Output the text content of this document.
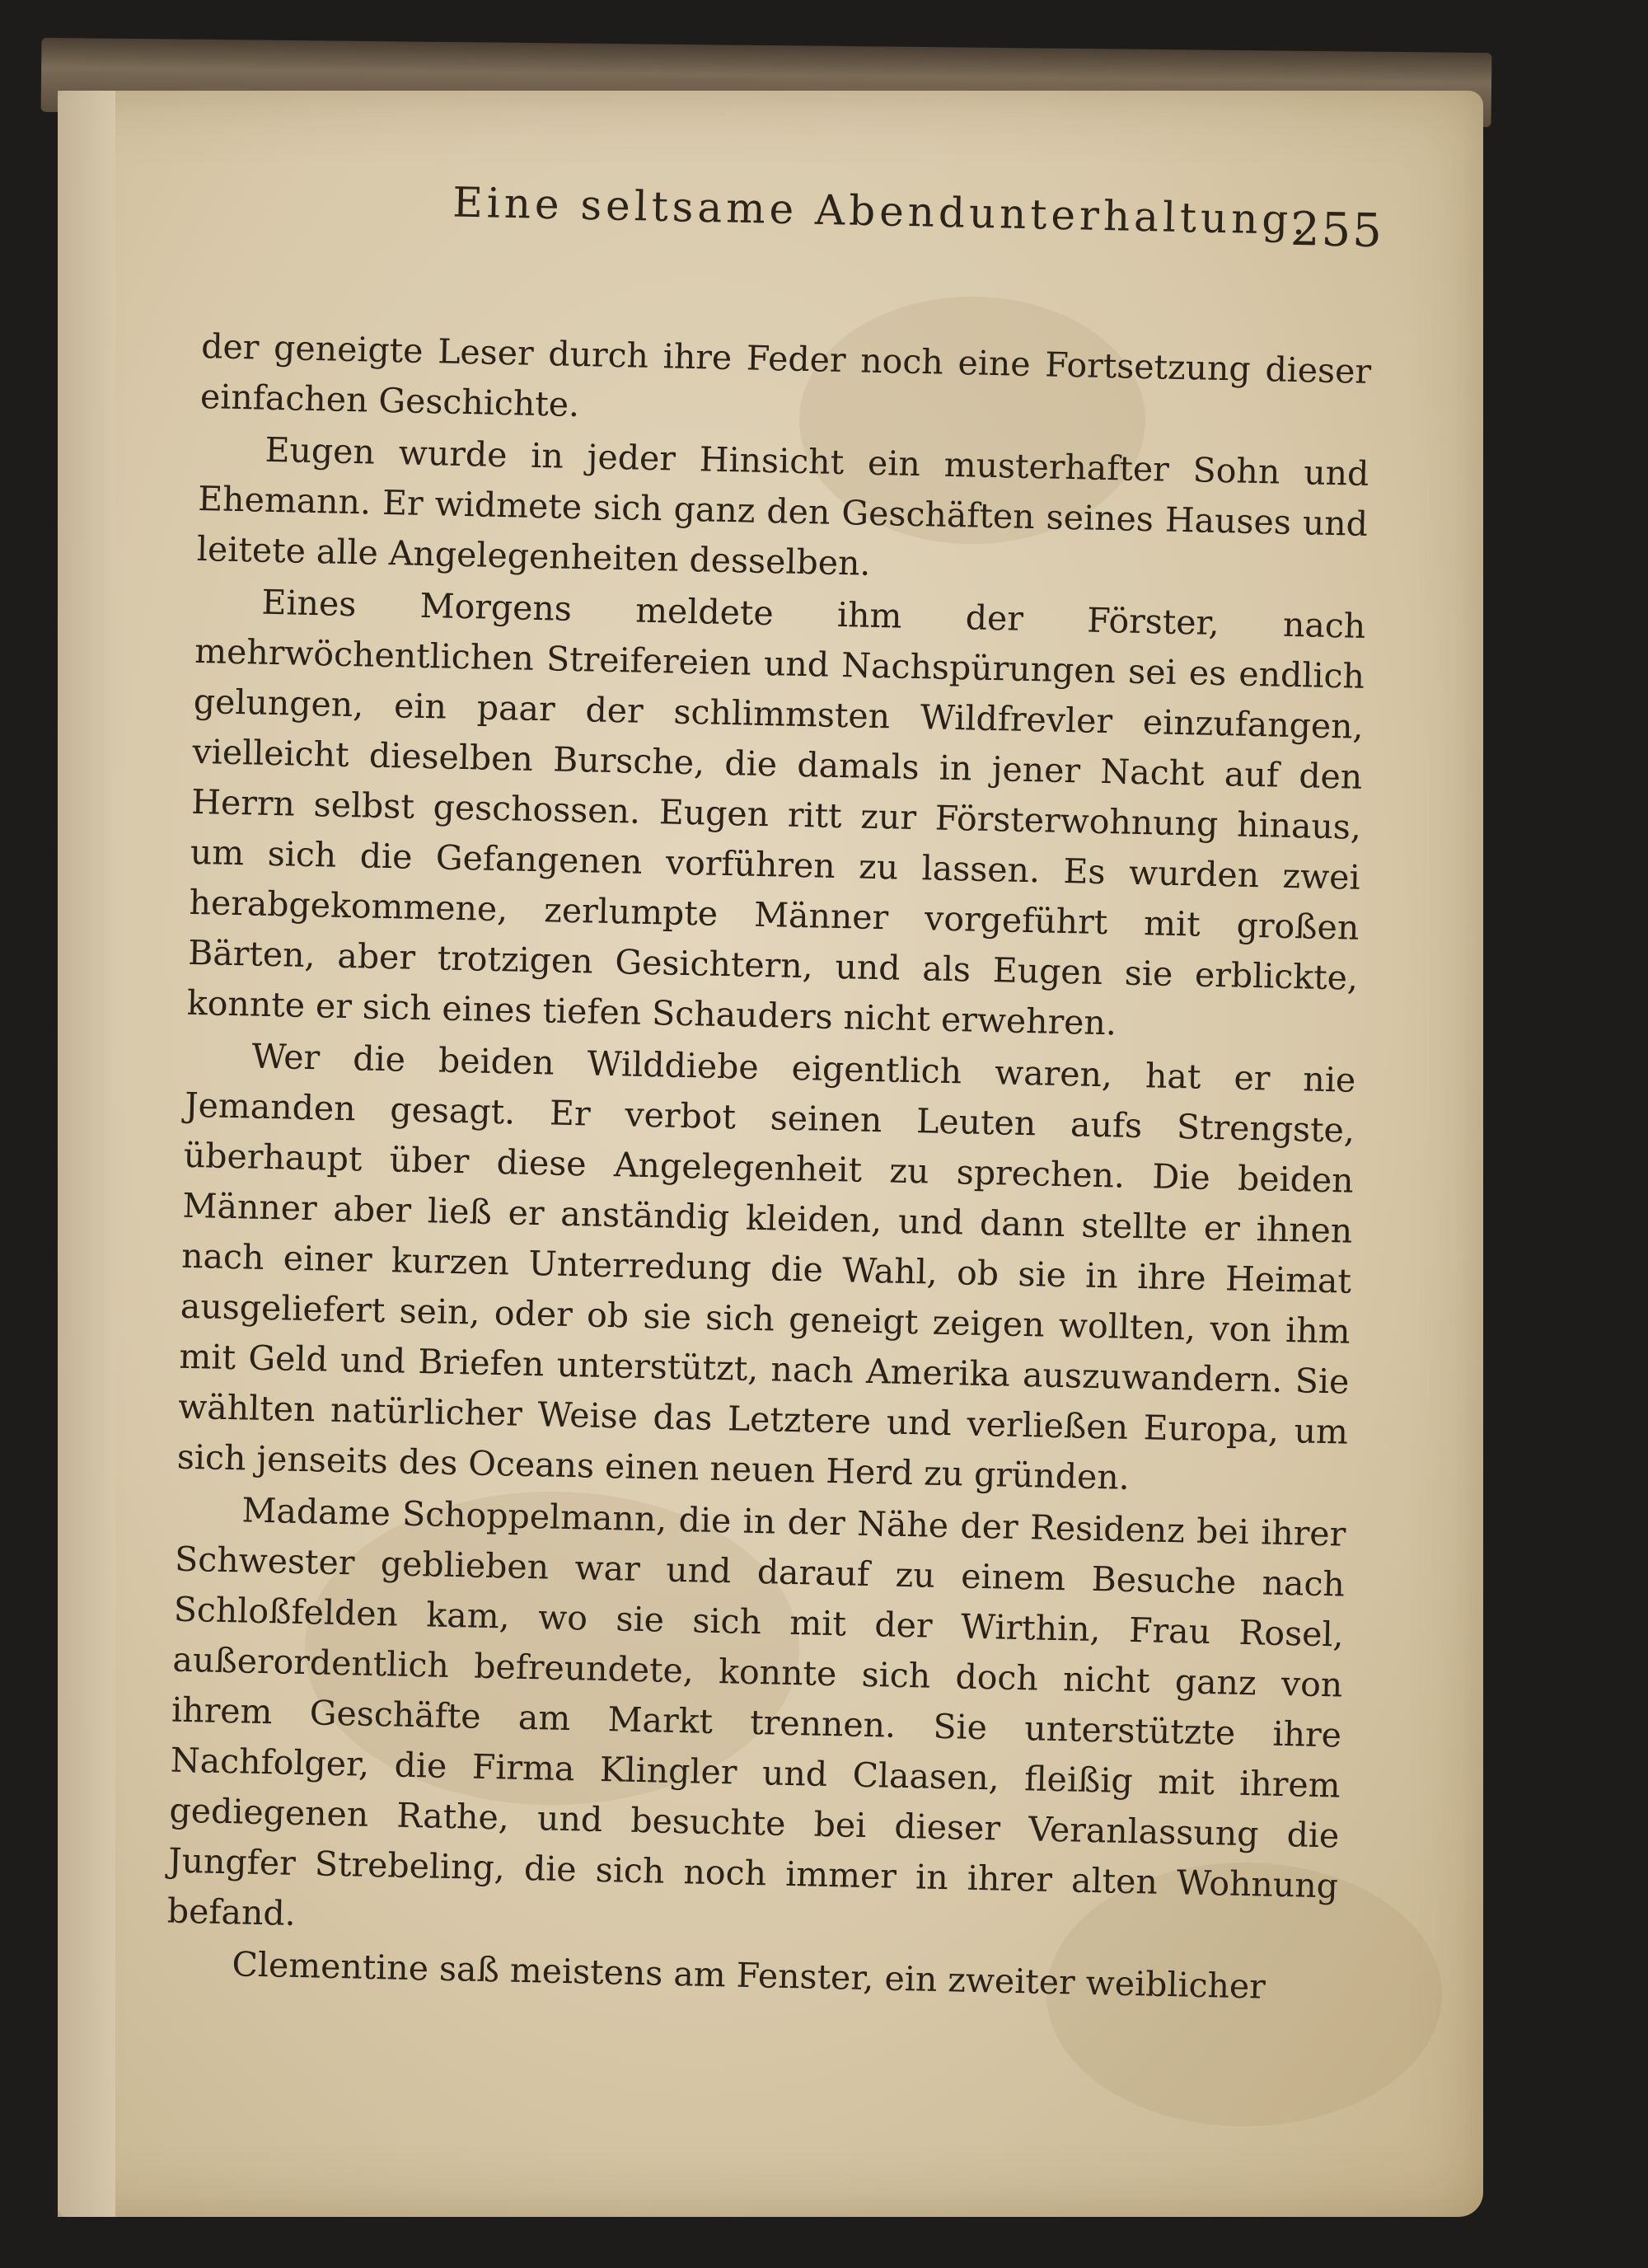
Eine seltsame Abendunterhaltung.
255

der geneigte Leser durch ihre Feder noch eine Fortsetzung dieser einfachen Geschichte.

Eugen wurde in jeder Hinsicht ein musterhafter Sohn und Ehemann. Er widmete sich ganz den Geschäften seines Hauses und leitete alle Angelegenheiten desselben.

Eines Morgens meldete ihm der Förster, nach mehrwöchentlichen Streifereien und Nachspürungen sei es endlich gelungen, ein paar der schlimmsten Wildfrevler einzufangen, vielleicht dieselben Bursche, die damals in jener Nacht auf den Herrn selbst geschossen. Eugen ritt zur Försterwohnung hinaus, um sich die Gefangenen vorführen zu lassen. Es wurden zwei herabgekommene, zerlumpte Männer vorgeführt mit großen Bärten, aber trotzigen Gesichtern, und als Eugen sie erblickte, konnte er sich eines tiefen Schauders nicht erwehren.

Wer die beiden Wilddiebe eigentlich waren, hat er nie Jemanden gesagt. Er verbot seinen Leuten aufs Strengste, überhaupt über diese Angelegenheit zu sprechen. Die beiden Männer aber ließ er anständig kleiden, und dann stellte er ihnen nach einer kurzen Unterredung die Wahl, ob sie in ihre Heimat ausgeliefert sein, oder ob sie sich geneigt zeigen wollten, von ihm mit Geld und Briefen unterstützt, nach Amerika auszuwandern. Sie wählten natürlicher Weise das Letztere und verließen Europa, um sich jenseits des Oceans einen neuen Herd zu gründen.

Madame Schoppelmann, die in der Nähe der Residenz bei ihrer Schwester geblieben war und darauf zu einem Besuche nach Schloßfelden kam, wo sie sich mit der Wirthin, Frau Rosel, außerordentlich befreundete, konnte sich doch nicht ganz von ihrem Geschäfte am Markt trennen. Sie unterstützte ihre Nachfolger, die Firma Klingler und Claasen, fleißig mit ihrem gediegenen Rathe, und besuchte bei dieser Veranlassung die Jungfer Strebeling, die sich noch immer in ihrer alten Wohnung befand.

Clementine saß meistens am Fenster, ein zweiter weiblicher
